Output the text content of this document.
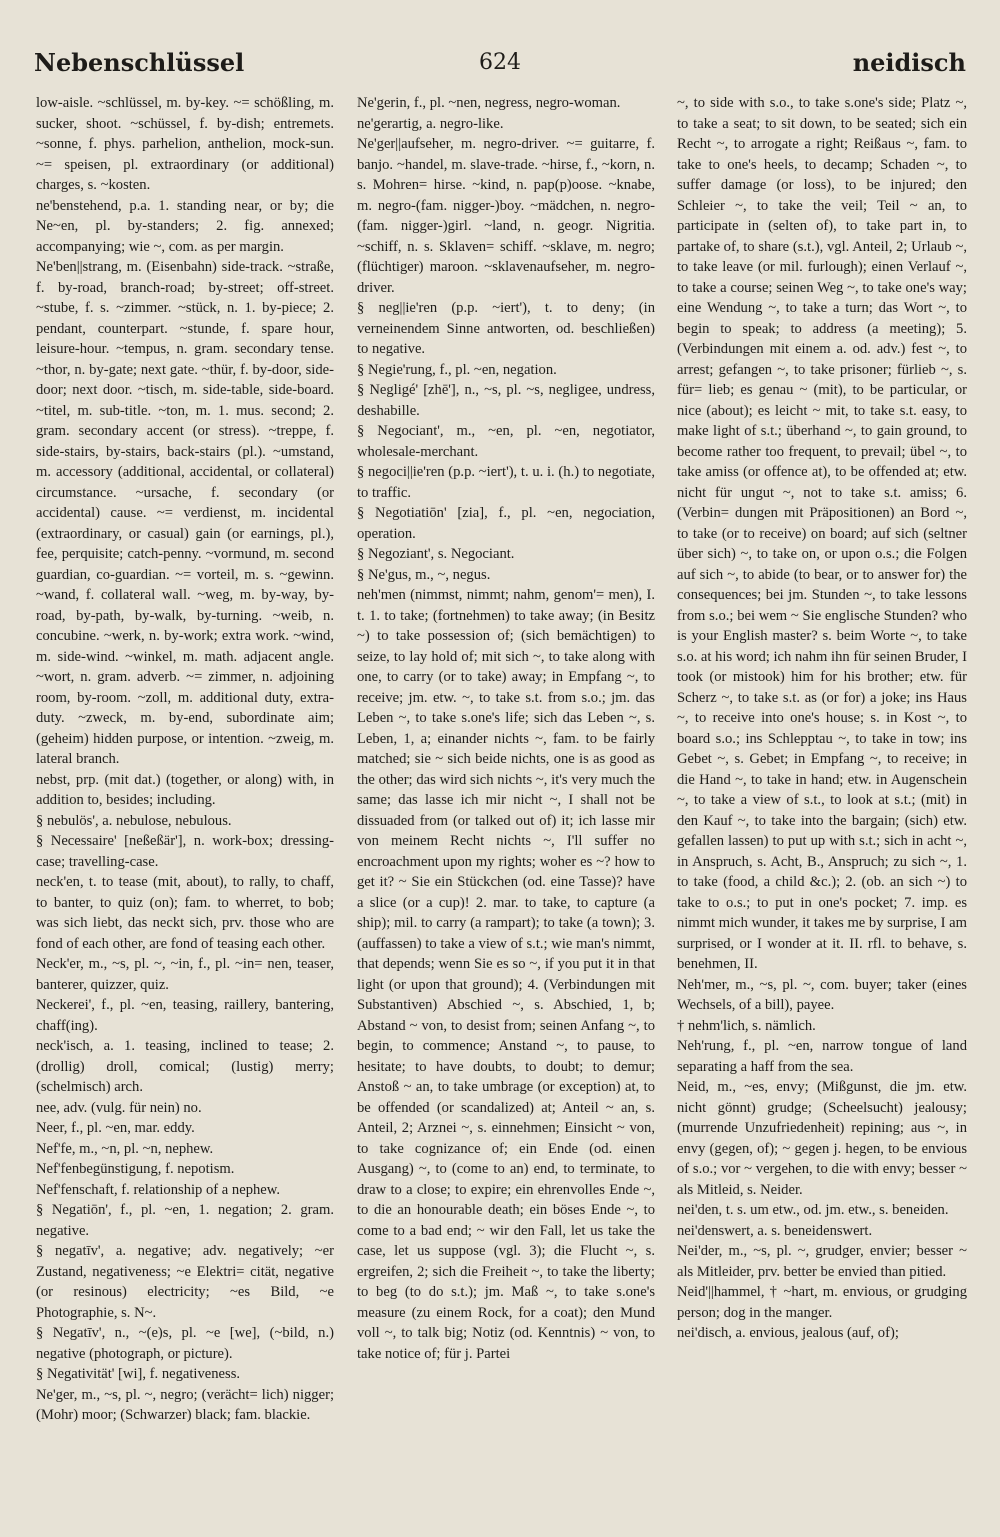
Nebenschlüssel	624	neidisch

low-aisle. ~schlüssel, m. by-key. ~= schößling, m. sucker, shoot. ~schüssel, f. by-dish; entremets. ~sonne, f. phys. parhelion, anthelion, mock-sun. ~= speisen, pl. extraordinary (or additional) charges, s. ~kosten.

ne'benstehend, p.a. 1. standing near, or by; die Ne~en, pl. by-standers; 2. fig. annexed; accompanying; wie ~, com. as per margin.

Ne'ben||strang, m. (Eisenbahn) side-track. ~straße, f. by-road, branch-road; by-street; off-street. ~stube, f. s. ~zimmer. ~stück, n. 1. by-piece; 2. pendant, counterpart. ~stunde, f. spare hour, leisure-hour. ~tempus, n. gram. secondary tense. ~thor, n. by-gate; next gate. ~thür, f. by-door, side-door; next door. ~tisch, m. side-table, side-board. ~titel, m. sub-title. ~ton, m. 1. mus. second; 2. gram. secondary accent (or stress). ~treppe, f. side-stairs, by-stairs, back-stairs (pl.). ~umstand, m. accessory (additional, accidental, or collateral) circumstance. ~ursache, f. secondary (or accidental) cause. ~= verdienst, m. incidental (extraordinary, or casual) gain (or earnings, pl.), fee, perquisite; catch-penny. ~vormund, m. second guardian, co-guardian. ~= vorteil, m. s. ~gewinn. ~wand, f. collateral wall. ~weg, m. by-way, by-road, by-path, by-walk, by-turning. ~weib, n. concubine. ~werk, n. by-work; extra work. ~wind, m. side-wind. ~winkel, m. math. adjacent angle. ~wort, n. gram. adverb. ~= zimmer, n. adjoining room, by-room. ~zoll, m. additional duty, extra-duty. ~zweck, m. by-end, subordinate aim; (geheim) hidden purpose, or intention. ~zweig, m. lateral branch.

nebst, prp. (mit dat.) (together, or along) with, in addition to, besides; including.

§ nebulös', a. nebulose, nebulous.

§ Necessaire' [neßeßär'], n. work-box; dressing-case; travelling-case.

neck'en, t. to tease (mit, about), to rally, to chaff, to banter, to quiz (on); fam. to wherret, to bob; was sich liebt, das neckt sich, prv. those who are fond of each other, are fond of teasing each other.

Neck'er, m., ~s, pl. ~, ~in, f., pl. ~in= nen, teaser, banterer, quizzer, quiz.

Neckerei', f., pl. ~en, teasing, raillery, bantering, chaff(ing).

neck'isch, a. 1. teasing, inclined to tease; 2. (drollig) droll, comical; (lustig) merry; (schelmisch) arch.

nee, adv. (vulg. für nein) no.

Neer, f., pl. ~en, mar. eddy.

Nef'fe, m., ~n, pl. ~n, nephew.

Nef'fenbegünstigung, f. nepotism.

Nef'fenschaft, f. relationship of a nephew.

§ Negatiōn', f., pl. ~en, 1. negation; 2. gram. negative.

§ negatīv', a. negative; adv. negatively; ~er Zustand, negativeness; ~e Elektri= cität, negative (or resinous) electricity; ~es Bild, ~e Photographie, s. N~.

§ Negatīv', n., ~(e)s, pl. ~e [we], (~bild, n.) negative (photograph, or picture).

§ Negativität' [wi], f. negativeness.

Ne'ger, m., ~s, pl. ~, negro; (verächt= lich) nigger; (Mohr) moor; (Schwarzer) black; fam. blackie.

Ne'gerin, f., pl. ~nen, negress, negro-woman.

ne'gerartig, a. negro-like.

Ne'ger||aufseher, m. negro-driver. ~= guitarre, f. banjo. ~handel, m. slave-trade. ~hirse, f., ~korn, n. s. Mohren= hirse. ~kind, n. pap(p)oose. ~knabe, m. negro-(fam. nigger-)boy. ~mädchen, n. negro-(fam. nigger-)girl. ~land, n. geogr. Nigritia. ~schiff, n. s. Sklaven= schiff. ~sklave, m. negro; (flüchtiger) maroon. ~sklavenaufseher, m. negro-driver.

§ neg||ie'ren (p.p. ~iert'), t. to deny; (in verneinendem Sinne antworten, od. beschließen) to negative.

§ Negie'rung, f., pl. ~en, negation.

§ Negligé' [zhē'], n., ~s, pl. ~s, negligee, undress, deshabille.

§ Negociant', m., ~en, pl. ~en, negotiator, wholesale-merchant.

§ negoci||ie'ren (p.p. ~iert'), t. u. i. (h.) to negotiate, to traffic.

§ Negotiatiōn' [zia], f., pl. ~en, negociation, operation.

§ Negoziant', s. Negociant.

§ Ne'gus, m., ~, negus.

neh'men (nimmst, nimmt; nahm, genom'= men), I. t. 1. to take; (fortnehmen) to take away; (in Besitz ~) to take possession of; (sich bemächtigen) to seize, to lay hold of; mit sich ~, to take along with one, to carry (or to take) away; in Empfang ~, to receive; jm. etw. ~, to take s.t. from s.o.; jm. das Leben ~, to take s.one's life; sich das Leben ~, s. Leben, 1, a; einander nichts ~, fam. to be fairly matched; sie ~ sich beide nichts, one is as good as the other; das wird sich nichts ~, it's very much the same; das lasse ich mir nicht ~, I shall not be dissuaded from (or talked out of) it; ich lasse mir von meinem Recht nichts ~, I'll suffer no encroachment upon my rights; woher es ~? how to get it? ~ Sie ein Stückchen (od. eine Tasse)? have a slice (or a cup)! 2. mar. to take, to capture (a ship); mil. to carry (a rampart); to take (a town); 3. (auffassen) to take a view of s.t.; wie man's nimmt, that depends; wenn Sie es so ~, if you put it in that light (or upon that ground); 4. (Verbindungen mit Substantiven) Abschied ~, s. Abschied, 1, b; Abstand ~ von, to desist from; seinen Anfang ~, to begin, to commence; Anstand ~, to pause, to hesitate; to have doubts, to doubt; to demur; Anstoß ~ an, to take umbrage (or exception) at, to be offended (or scandalized) at; Anteil ~ an, s. Anteil, 2; Arznei ~, s. einnehmen; Einsicht ~ von, to take cognizance of; ein Ende (od. einen Ausgang) ~, to (come to an) end, to terminate, to draw to a close; to expire; ein ehrenvolles Ende ~, to die an honourable death; ein böses Ende ~, to come to a bad end; ~ wir den Fall, let us take the case, let us suppose (vgl. 3); die Flucht ~, s. ergreifen, 2; sich die Freiheit ~, to take the liberty; to beg (to do s.t.); jm. Maß ~, to take s.one's measure (zu einem Rock, for a coat); den Mund voll ~, to talk big; Notiz (od. Kenntnis) ~ von, to take notice of; für j. Partei

~, to side with s.o., to take s.one's side; Platz ~, to take a seat; to sit down, to be seated; sich ein Recht ~, to arrogate a right; Reißaus ~, fam. to take to one's heels, to decamp; Schaden ~, to suffer damage (or loss), to be injured; den Schleier ~, to take the veil; Teil ~ an, to participate in (selten of), to take part in, to partake of, to share (s.t.), vgl. Anteil, 2; Urlaub ~, to take leave (or mil. furlough); einen Verlauf ~, to take a course; seinen Weg ~, to take one's way; eine Wendung ~, to take a turn; das Wort ~, to begin to speak; to address (a meeting); 5. (Verbindungen mit einem a. od. adv.) fest ~, to arrest; gefangen ~, to take prisoner; fürlieb ~, s. für= lieb; es genau ~ (mit), to be particular, or nice (about); es leicht ~ mit, to take s.t. easy, to make light of s.t.; überhand ~, to gain ground, to become rather too frequent, to prevail; übel ~, to take amiss (or offence at), to be offended at; etw. nicht für ungut ~, not to take s.t. amiss; 6. (Verbin= dungen mit Präpositionen) an Bord ~, to take (or to receive) on board; auf sich (seltner über sich) ~, to take on, or upon o.s.; die Folgen auf sich ~, to abide (to bear, or to answer for) the consequences; bei jm. Stunden ~, to take lessons from s.o.; bei wem ~ Sie englische Stunden? who is your English master? s. beim Worte ~, to take s.o. at his word; ich nahm ihn für seinen Bruder, I took (or mistook) him for his brother; etw. für Scherz ~, to take s.t. as (or for) a joke; ins Haus ~, to receive into one's house; s. in Kost ~, to board s.o.; ins Schlepptau ~, to take in tow; ins Gebet ~, s. Gebet; in Empfang ~, to receive; in die Hand ~, to take in hand; etw. in Augenschein ~, to take a view of s.t., to look at s.t.; (mit) in den Kauf ~, to take into the bargain; (sich) etw. gefallen lassen) to put up with s.t.; sich in acht ~, in Anspruch, s. Acht, B., Anspruch; zu sich ~, 1. to take (food, a child &c.); 2. (ob. an sich ~) to take to o.s.; to put in one's pocket; 7. imp. es nimmt mich wunder, it takes me by surprise, I am surprised, or I wonder at it. II. rfl. to behave, s. benehmen, II.

Neh'mer, m., ~s, pl. ~, com. buyer; taker (eines Wechsels, of a bill), payee.

† nehm'lich, s. nämlich.

Neh'rung, f., pl. ~en, narrow tongue of land separating a haff from the sea.

Neid, m., ~es, envy; (Mißgunst, die jm. etw. nicht gönnt) grudge; (Scheelsucht) jealousy; (murrende Unzufriedenheit) repining; aus ~, in envy (gegen, of); ~ gegen j. hegen, to be envious of s.o.; vor ~ vergehen, to die with envy; besser ~ als Mitleid, s. Neider.

nei'den, t. s. um etw., od. jm. etw., s. beneiden.

nei'denswert, a. s. beneidenswert.

Nei'der, m., ~s, pl. ~, grudger, envier; besser ~ als Mitleider, prv. better be envied than pitied.

Neid'||hammel, † ~hart, m. envious, or grudging person; dog in the manger.

nei'disch, a. envious, jealous (auf, of);
